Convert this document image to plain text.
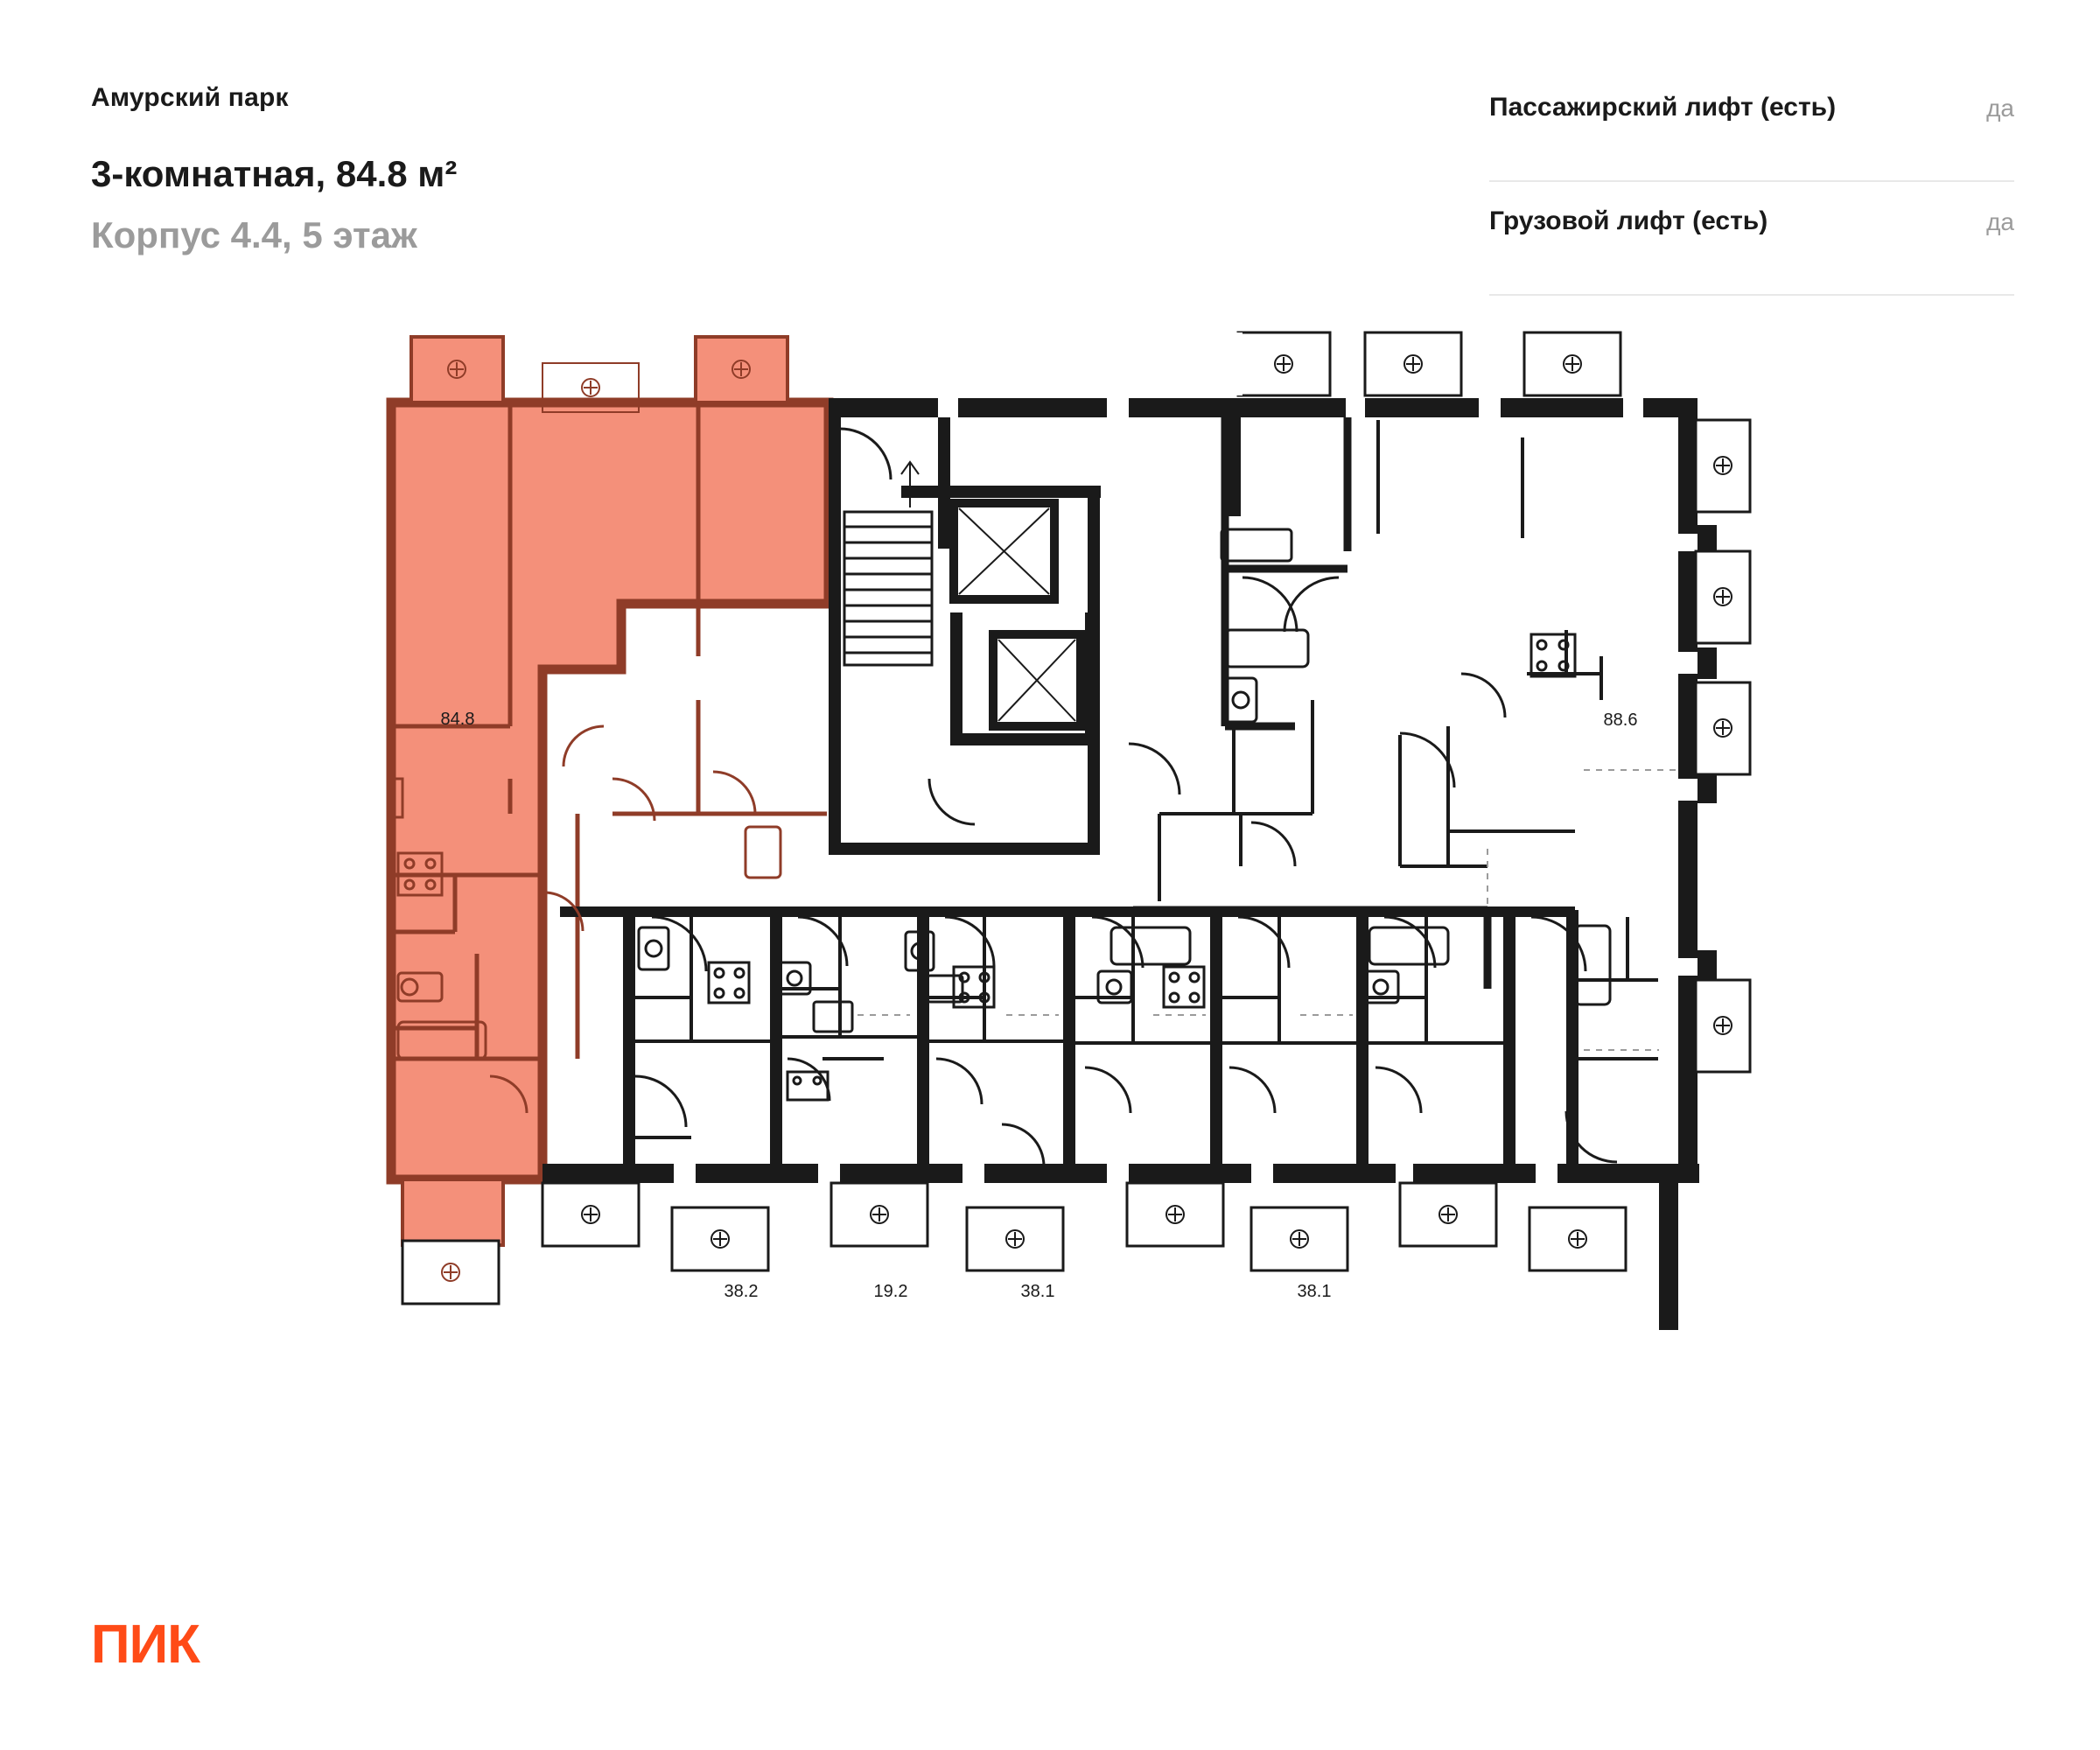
Амурский парк
3-комнатная, 84.8 м²
Корпус 4.4, 5 этаж
Пассажирский лифт (есть)	да
Грузовой лифт (есть)	да
84.8	88.6
38.2	19.2	38.1	38.1
ПИК
